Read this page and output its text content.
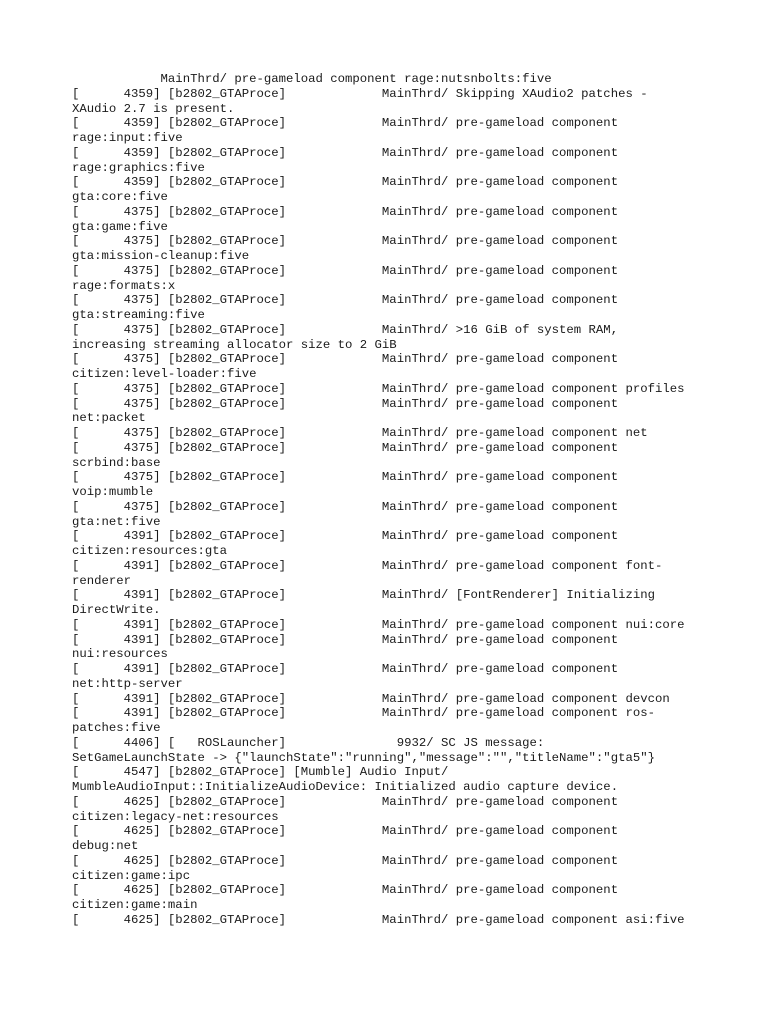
MainThrd/ pre-gameload component rage:nutsnbolts:five
[      4359] [b2802_GTAProce]             MainThrd/ Skipping XAudio2 patches -
XAudio 2.7 is present.
[      4359] [b2802_GTAProce]             MainThrd/ pre-gameload component
rage:input:five
[      4359] [b2802_GTAProce]             MainThrd/ pre-gameload component
rage:graphics:five
[      4359] [b2802_GTAProce]             MainThrd/ pre-gameload component
gta:core:five
[      4375] [b2802_GTAProce]             MainThrd/ pre-gameload component
gta:game:five
[      4375] [b2802_GTAProce]             MainThrd/ pre-gameload component
gta:mission-cleanup:five
[      4375] [b2802_GTAProce]             MainThrd/ pre-gameload component
rage:formats:x
[      4375] [b2802_GTAProce]             MainThrd/ pre-gameload component
gta:streaming:five
[      4375] [b2802_GTAProce]             MainThrd/ >16 GiB of system RAM,
increasing streaming allocator size to 2 GiB
[      4375] [b2802_GTAProce]             MainThrd/ pre-gameload component
citizen:level-loader:five
[      4375] [b2802_GTAProce]             MainThrd/ pre-gameload component profiles
[      4375] [b2802_GTAProce]             MainThrd/ pre-gameload component
net:packet
[      4375] [b2802_GTAProce]             MainThrd/ pre-gameload component net
[      4375] [b2802_GTAProce]             MainThrd/ pre-gameload component
scrbind:base
[      4375] [b2802_GTAProce]             MainThrd/ pre-gameload component
voip:mumble
[      4375] [b2802_GTAProce]             MainThrd/ pre-gameload component
gta:net:five
[      4391] [b2802_GTAProce]             MainThrd/ pre-gameload component
citizen:resources:gta
[      4391] [b2802_GTAProce]             MainThrd/ pre-gameload component font-
renderer
[      4391] [b2802_GTAProce]             MainThrd/ [FontRenderer] Initializing
DirectWrite.
[      4391] [b2802_GTAProce]             MainThrd/ pre-gameload component nui:core
[      4391] [b2802_GTAProce]             MainThrd/ pre-gameload component
nui:resources
[      4391] [b2802_GTAProce]             MainThrd/ pre-gameload component
net:http-server
[      4391] [b2802_GTAProce]             MainThrd/ pre-gameload component devcon
[      4391] [b2802_GTAProce]             MainThrd/ pre-gameload component ros-
patches:five
[      4406] [   ROSLauncher]               9932/ SC JS message:
SetGameLaunchState -> {"launchState":"running","message":"","titleName":"gta5"}
[      4547] [b2802_GTAProce] [Mumble] Audio Input/
MumbleAudioInput::InitializeAudioDevice: Initialized audio capture device.
[      4625] [b2802_GTAProce]             MainThrd/ pre-gameload component
citizen:legacy-net:resources
[      4625] [b2802_GTAProce]             MainThrd/ pre-gameload component
debug:net
[      4625] [b2802_GTAProce]             MainThrd/ pre-gameload component
citizen:game:ipc
[      4625] [b2802_GTAProce]             MainThrd/ pre-gameload component
citizen:game:main
[      4625] [b2802_GTAProce]             MainThrd/ pre-gameload component asi:five
